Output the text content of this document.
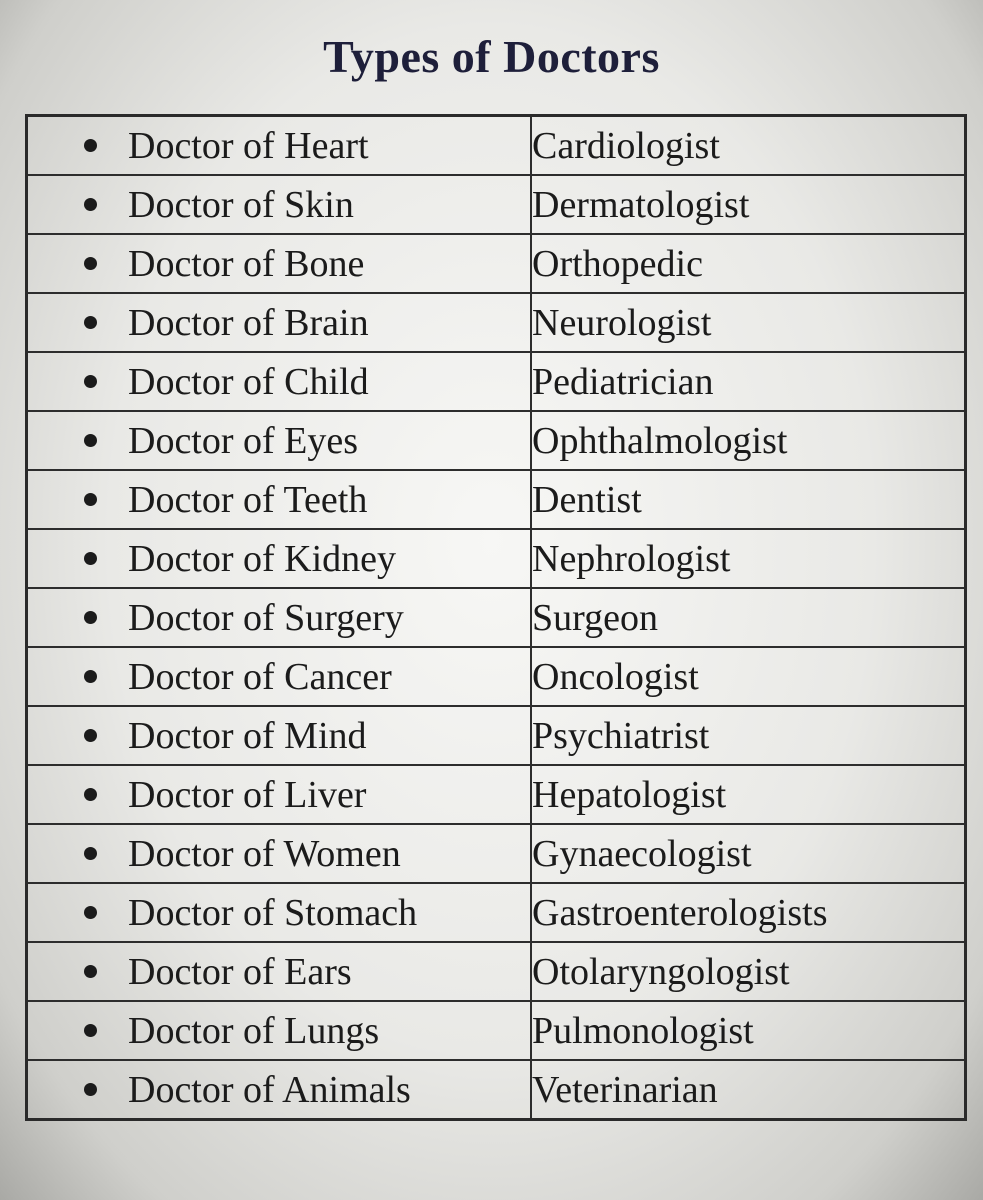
Types of Doctors
Doctor of Heart	Cardiologist

Doctor of Skin	Dermatologist

Doctor of Bone	Orthopedic

Doctor of Brain	Neurologist

Doctor of Child	Pediatrician

Doctor of Eyes	Ophthalmologist

Doctor of Teeth	Dentist

Doctor of Kidney	Nephrologist

Doctor of Surgery	Surgeon

Doctor of Cancer	Oncologist

Doctor of Mind	Psychiatrist

Doctor of Liver	Hepatologist

Doctor of Women	Gynaecologist

Doctor of Stomach	Gastroenterologists

Doctor of Ears	Otolaryngologist

Doctor of Lungs	Pulmonologist

Doctor of Animals	Veterinarian
